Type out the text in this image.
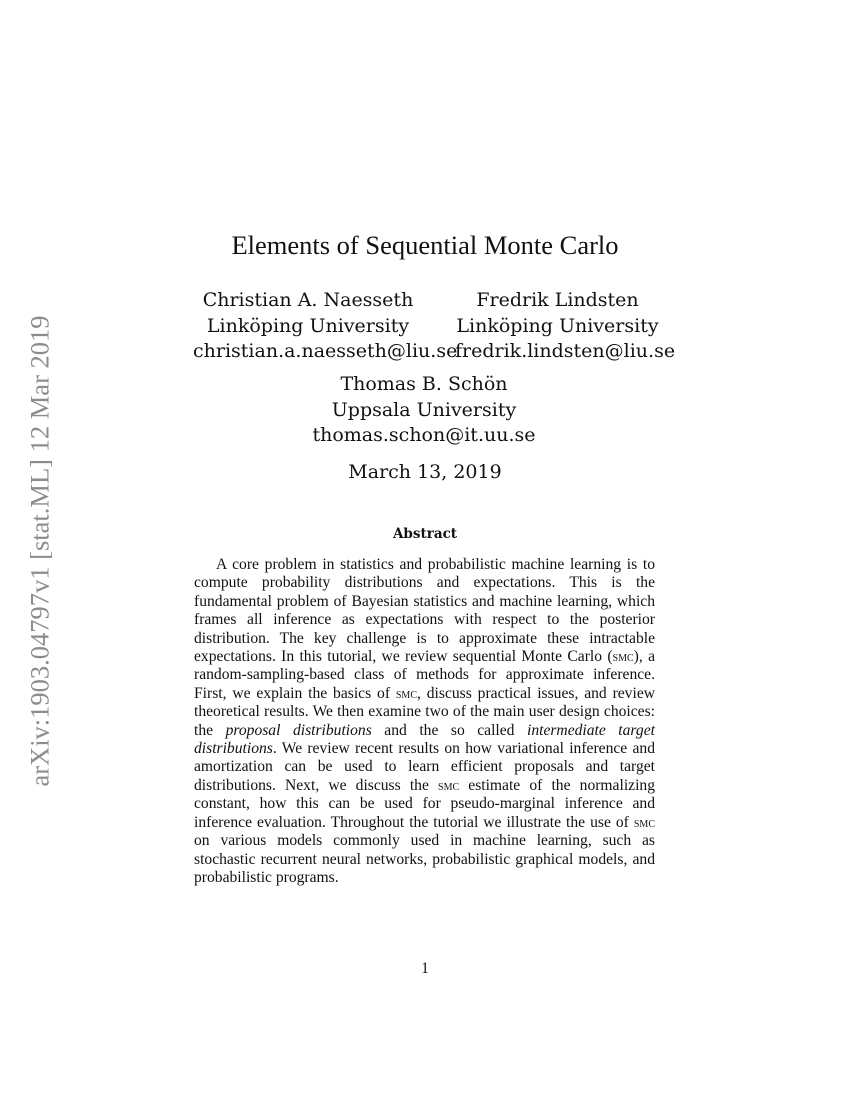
arXiv:1903.04797v1 [stat.ML] 12 Mar 2019
Elements of Sequential Monte Carlo
Christian A. Naesseth
Linköping University
christian.a.naesseth@liu.se
Fredrik Lindsten
Linköping University
fredrik.lindsten@liu.se
Thomas B. Schön
Uppsala University
thomas.schon@it.uu.se
March 13, 2019
Abstract

A core problem in statistics and probabilistic machine learning is to compute probability distributions and expectations. This is the fundamental problem of Bayesian statistics and machine learning, which frames all inference as expectations with respect to the posterior distribution. The key challenge is to approximate these intractable expectations. In this tutorial, we review sequential Monte Carlo (smc), a random-sampling-based class of methods for approximate inference. First, we explain the basics of smc, discuss practical issues, and review theoretical results. We then examine two of the main user design choices: the proposal distributions and the so called intermediate target distributions. We review recent results on how variational inference and amortization can be used to learn efficient proposals and target distributions. Next, we discuss the smc estimate of the normalizing constant, how this can be used for pseudo-marginal inference and inference evaluation. Throughout the tutorial we illustrate the use of smc on various models commonly used in machine learning, such as stochastic recurrent neural networks, probabilistic graphical models, and probabilistic programs.

1
